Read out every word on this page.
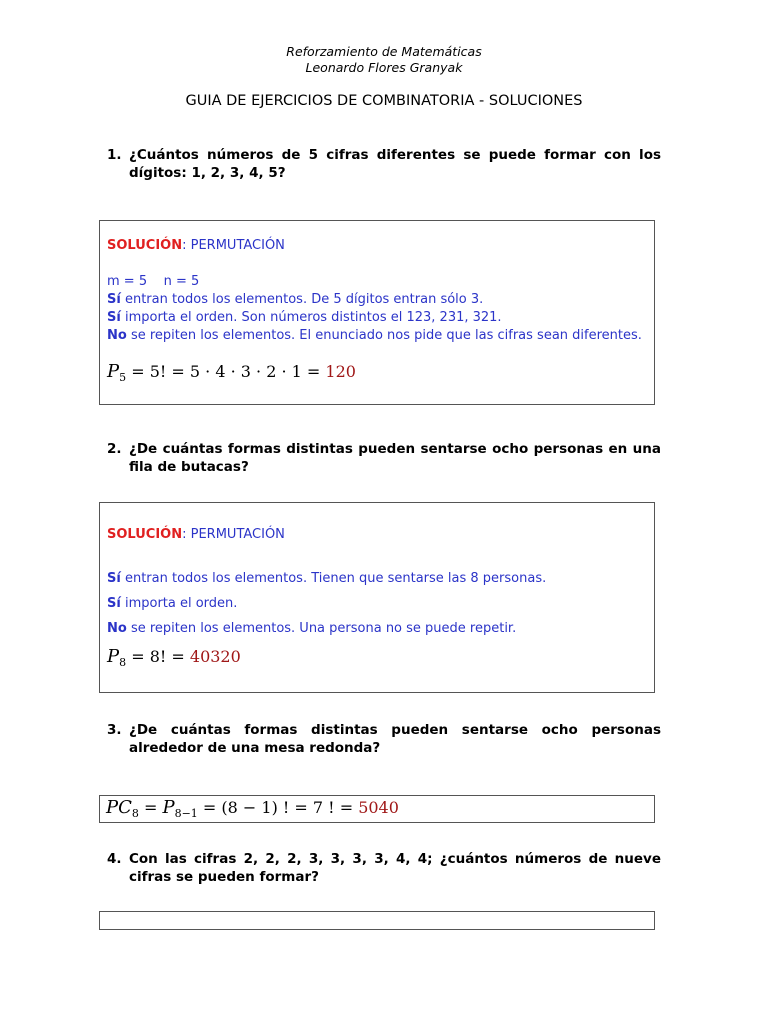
Reforzamiento de Matemáticas
Leonardo Flores Granyak
GUIA DE EJERCICIOS DE COMBINATORIA - SOLUCIONES
1. ¿Cuántos números de 5 cifras diferentes se puede formar con los dígitos: 1, 2, 3, 4, 5?
SOLUCIÓN: PERMUTACIÓN
m = 5    n = 5
Sí entran todos los elementos. De 5 dígitos entran sólo 3.
Sí importa el orden. Son números distintos el 123, 231, 321.
No se repiten los elementos. El enunciado nos pide que las cifras sean diferentes.
$P_5 = 5$! = 5 · 4 · 3 · 2 · 1 = 120
2. ¿De cuántas formas distintas pueden sentarse ocho personas en una fila de butacas?
SOLUCIÓN: PERMUTACIÓN
Sí entran todos los elementos. Tienen que sentarse las 8 personas.
Sí importa el orden.
No se repiten los elementos. Una persona no se puede repetir.
$P_8 = 8$! = 40320
3. ¿De cuántas formas distintas pueden sentarse ocho personas alrededor de una mesa redonda?
$PC_8 = P_{8-1} = (8 - 1)$ ! = 7 ! = 5040
4. Con las cifras 2, 2, 2, 3, 3, 3, 3, 4, 4; ¿cuántos números de nueve cifras se pueden formar?
